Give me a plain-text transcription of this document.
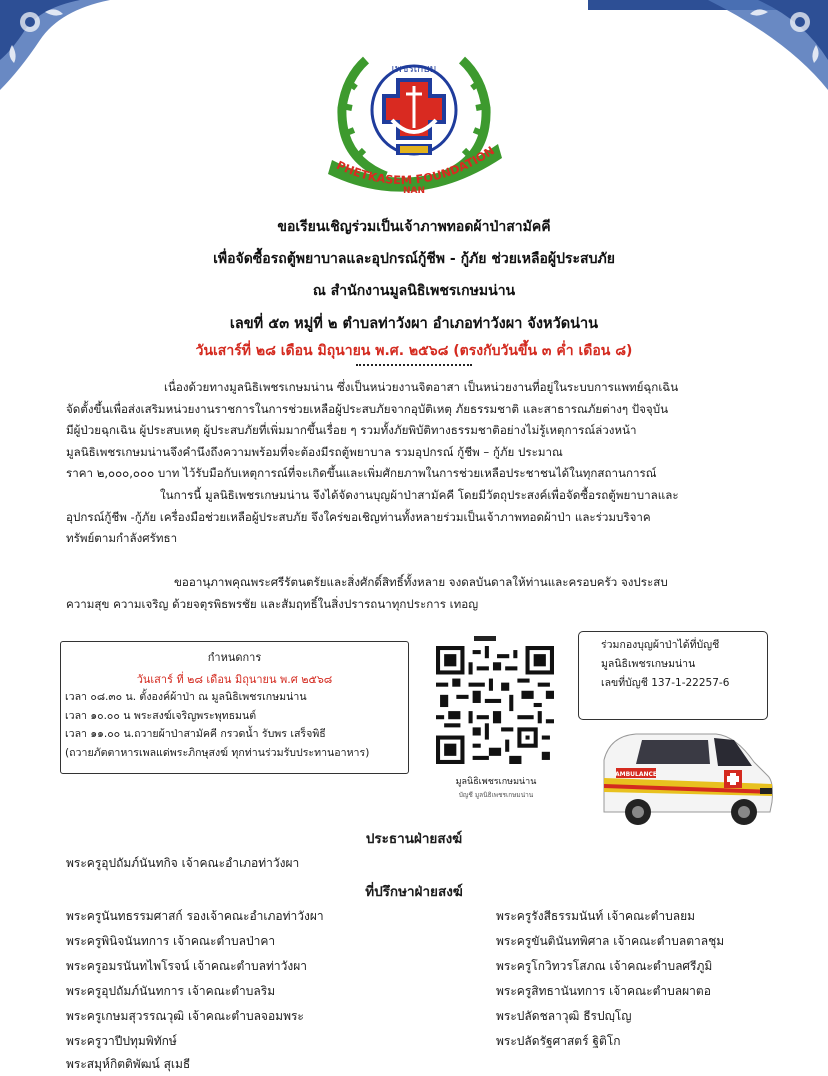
เพชรเกษม
PHETKASEM FOUNDATION
NAN
ขอเรียนเชิญร่วมเป็นเจ้าภาพทอดผ้าป่าสามัคคี
เพื่อจัดซื้อรถตู้พยาบาลและอุปกรณ์กู้ชีพ - กู้ภัย ช่วยเหลือผู้ประสบภัย
ณ สำนักงานมูลนิธิเพชรเกษมน่าน
เลขที่ ๕๓ หมู่ที่ ๒ ตำบลท่าวังผา อำเภอท่าวังผา จังหวัดน่าน
วันเสาร์ที่ ๒๘ เดือน มิถุนายน พ.ศ. ๒๕๖๘ (ตรงกับวันขึ้น ๓ ค่ำ เดือน ๘)
เนื่องด้วยทางมูลนิธิเพชรเกษมน่าน ซึ่งเป็นหน่วยงานจิตอาสา เป็นหน่วยงานที่อยู่ในระบบการแพทย์ฉุกเฉิน
จัดตั้งขึ้นเพื่อส่งเสริมหน่วยงานราชการในการช่วยเหลือผู้ประสบภัยจากอุบัติเหตุ ภัยธรรมชาติ และสาธารณภัยต่างๆ ปัจจุบัน
มีผู้ป่วยฉุกเฉิน ผู้ประสบเหตุ ผู้ประสบภัยที่เพิ่มมากขึ้นเรื่อย ๆ รวมทั้งภัยพิบัติทางธรรมชาติอย่างไม่รู้เหตุการณ์ล่วงหน้า
มูลนิธิเพชรเกษมน่านจึงคำนึงถึงความพร้อมที่จะต้องมีรถตู้พยาบาล รวมอุปกรณ์ กู้ชีพ – กู้ภัย ประมาณ
ราคา ๒,๐๐๐,๐๐๐ บาท ไว้รับมือกับเหตุการณ์ที่จะเกิดขึ้นและเพิ่มศักยภาพในการช่วยเหลือประชาชนได้ในทุกสถานการณ์
ในการนี้ มูลนิธิเพชรเกษมน่าน จึงได้จัดงานบุญผ้าป่าสามัคคี โดยมีวัตถุประสงค์เพื่อจัดซื้อรถตู้พยาบาลและ
อุปกรณ์กู้ชีพ -กู้ภัย เครื่องมือช่วยเหลือผู้ประสบภัย จึงใคร่ขอเชิญท่านทั้งหลายร่วมเป็นเจ้าภาพทอดผ้าป่า และร่วมบริจาค
ทรัพย์ตามกำลังศรัทธา
ขออานุภาพคุณพระศรีรัตนตรัยและสิ่งศักดิ์สิทธิ์ทั้งหลาย จงดลบันดาลให้ท่านและครอบครัว จงประสบ
ความสุข ความเจริญ ด้วยจตุรพิธพรชัย และสัมฤทธิ์ในสิ่งปรารถนาทุกประการ เทอญ
กำหนดการ
วันเสาร์ ที่ ๒๘ เดือน มิถุนายน พ.ศ ๒๕๖๘
เวลา ๐๘.๓๐ น. ตั้งองค์ผ้าป่า ณ มูลนิธิเพชรเกษมน่าน
เวลา ๑๐.๐๐ น พระสงฆ์เจริญพระพุทธมนต์
เวลา ๑๑.๐๐ น.ถวายผ้าป่าสามัคคี กรวดน้ำ รับพร เสร็จพิธี
(ถวายภัตตาหารเพลแด่พระภิกษุสงฆ์ ทุกท่านร่วมรับประทานอาหาร)
มูลนิธิเพชรเกษมน่าน
บัญชี มูลนิธิเพชรเกษมน่าน
ร่วมกองบุญผ้าป่าได้ที่บัญชี
มูลนิธิเพชรเกษมน่าน
เลขที่บัญชี 137-1-22257-6
AMBULANCE
ประธานฝ่ายสงฆ์
พระครูอุปถัมภ์นันทกิจ เจ้าคณะอำเภอท่าวังผา
ที่ปรึกษาฝ่ายสงฆ์
พระครูนันทธรรมศาสก์ รองเจ้าคณะอำเภอท่าวังผา
พระครูพินิจนันทการ เจ้าคณะตำบลป่าคา
พระครูอมรนันทไพโรจน์ เจ้าคณะตำบลท่าวังผา
พระครูอุปถัมภ์นันทการ เจ้าคณะตำบลริม
พระครูเกษมสุวรรณวุฒิ เจ้าคณะตำบลจอมพระ
พระครูวาปีปทุมพิทักษ์
พระสมุห์กิตติพัฒน์ สุเมธี
พระครูรังสีธรรมนันท์ เจ้าคณะตำบลยม
พระครูขันตินันทพิศาล เจ้าคณะตำบลตาลชุม
พระครูโกวิทวรโสภณ เจ้าคณะตำบลศรีภูมิ
พระครูสิทธานันทการ เจ้าคณะตำบลผาตอ
พระปลัดชลาวุฒิ ธีรปญฺโญ
พระปลัดรัฐศาสตร์ ฐิติโก
